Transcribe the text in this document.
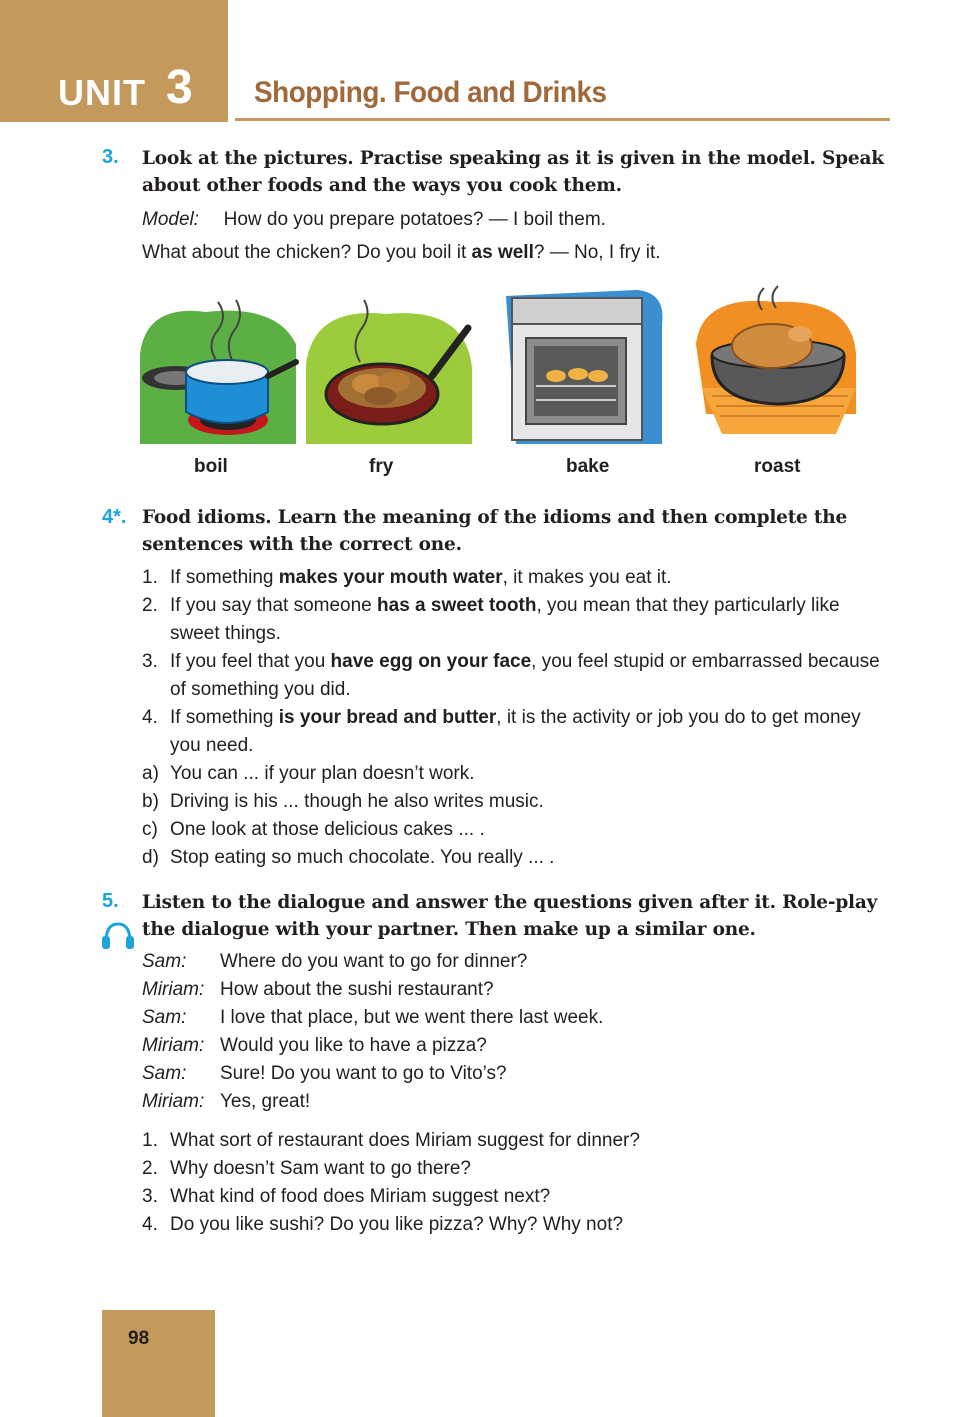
UNIT 3 Shopping. Food and Drinks
3. Look at the pictures. Practise speaking as it is given in the model. Speak about other foods and the ways you cook them.
Model: How do you prepare potatoes? — I boil them.
What about the chicken? Do you boil it as well? — No, I fry it.
boil	fry	bake	roast
4*. Food idioms. Learn the meaning of the idioms and then complete the sentences with the correct one.
1. If something makes your mouth water, it makes you eat it.
2. If you say that someone has a sweet tooth, you mean that they particularly like sweet things.
3. If you feel that you have egg on your face, you feel stupid or embarrassed because of something you did.
4. If something is your bread and butter, it is the activity or job you do to get money you need.
a) You can ... if your plan doesn’t work.
b) Driving is his ... though he also writes music.
c) One look at those delicious cakes ... .
d) Stop eating so much chocolate. You really ... .
5. Listen to the dialogue and answer the questions given after it. Role-play the dialogue with your partner. Then make up a similar one.
Sam: Where do you want to go for dinner?
Miriam: How about the sushi restaurant?
Sam: I love that place, but we went there last week.
Miriam: Would you like to have a pizza?
Sam: Sure! Do you want to go to Vito’s?
Miriam: Yes, great!
1. What sort of restaurant does Miriam suggest for dinner?
2. Why doesn’t Sam want to go there?
3. What kind of food does Miriam suggest next?
4. Do you like sushi? Do you like pizza? Why? Why not?
98
